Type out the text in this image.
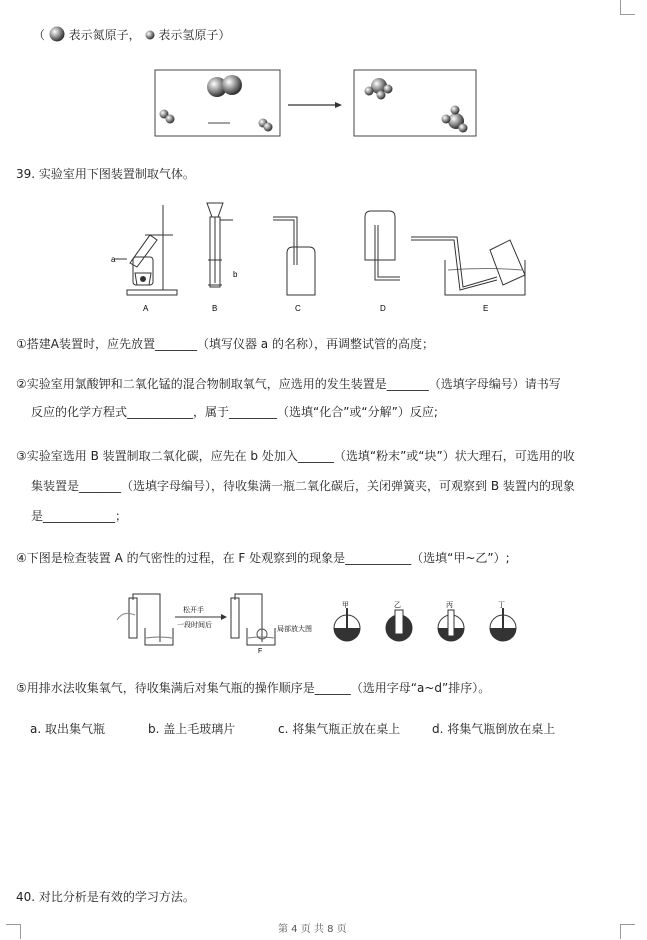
（ 表示氮原子， 表示氢原子）
39. 实验室用下图装置制取气体。
a
b
A	B	C	D	E
①搭建A装置时，应先放置_______（填写仪器 a 的名称），再调整试管的高度；
②实验室用氯酸钾和二氧化锰的混合物制取氧气，应选用的发生装置是_______（选填字母编号）请书写
反应的化学方程式___________，属于________（选填“化合”或“分解”）反应;
③实验室选用 B 装置制取二氧化碳，应先在 b 处加入______（选填“粉末”或“块”）状大理石，可选用的收
集装置是_______（选填字母编号），待收集满一瓶二氧化碳后，关闭弹簧夹，可观察到 B 装置内的现象
是____________；
④下图是检查装置 A 的气密性的过程，在 F 处观察到的现象是___________（选填“甲~乙”）;
松开手
一段时间后
F
局部放大图
甲	乙	丙	丁
⑤用排水法收集氧气，待收集满后对集气瓶的操作顺序是______（选用字母“a~d”排序）。
a. 取出集气瓶	b. 盖上毛玻璃片	c. 将集气瓶正放在桌上	d. 将集气瓶倒放在桌上
40. 对比分析是有效的学习方法。
第 4 页 共 8 页
